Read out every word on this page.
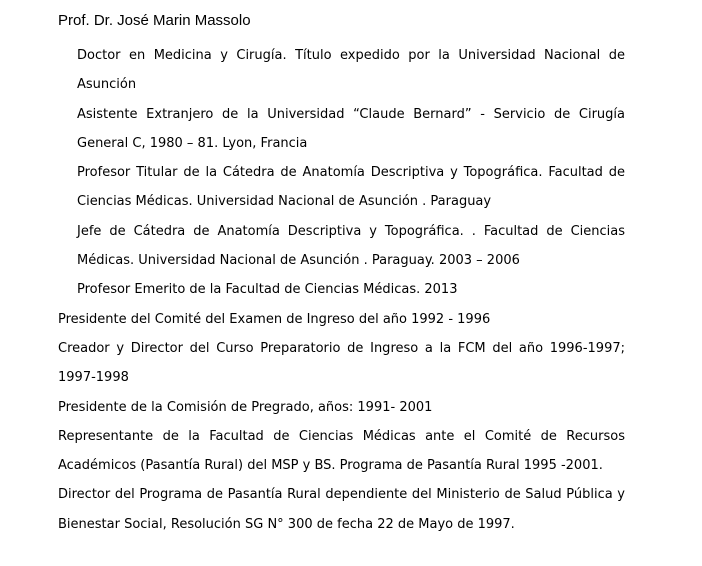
Prof. Dr. José Marin Massolo
Doctor en Medicina y Cirugía. Título expedido por la Universidad Nacional de Asunción
Asistente Extranjero de la Universidad “Claude Bernard” - Servicio de Cirugía General C, 1980 – 81. Lyon, Francia
Profesor Titular de la Cátedra de Anatomía Descriptiva y Topográfica. Facultad de Ciencias Médicas. Universidad Nacional de Asunción . Paraguay
Jefe de Cátedra de Anatomía Descriptiva y Topográfica. . Facultad de Ciencias Médicas. Universidad Nacional de Asunción . Paraguay. 2003 – 2006
Profesor Emerito de la Facultad de Ciencias Médicas. 2013
Presidente del Comité del Examen de Ingreso del año 1992 - 1996
Creador y Director del Curso Preparatorio de Ingreso a la FCM del año 1996-1997; 1997-1998
Presidente de la Comisión de Pregrado, años: 1991- 2001
Representante de la Facultad de Ciencias Médicas ante el Comité de Recursos Académicos (Pasantía Rural) del MSP y BS. Programa de Pasantía Rural 1995 -2001.
Director del Programa de Pasantía Rural dependiente del Ministerio de Salud Pública y Bienestar Social, Resolución SG N° 300 de fecha 22 de Mayo de 1997.
